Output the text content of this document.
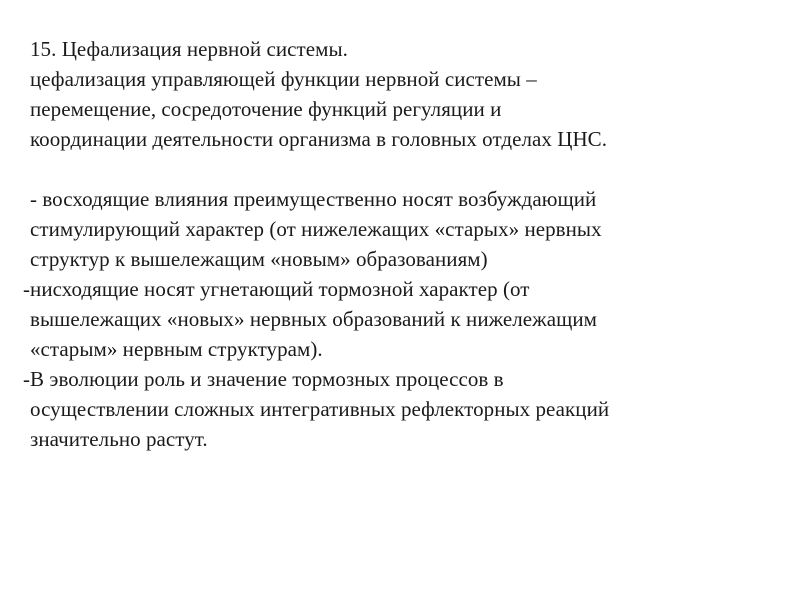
15. Цефализация нервной системы.
цефализация управляющей функции нервной системы –
перемещение, сосредоточение функций регуляции и
координации деятельности организма в головных отделах ЦНС.
- восходящие влияния преимущественно носят возбуждающий
стимулирующий характер (от нижележащих «старых» нервных
структур к вышележащим «новым» образованиям)
-нисходящие носят угнетающий тормозной характер (от
вышележащих «новых» нервных образований к нижележащим
«старым» нервным структурам).
-В эволюции роль и значение тормозных процессов в
осуществлении сложных интегративных рефлекторных реакций
значительно растут.
